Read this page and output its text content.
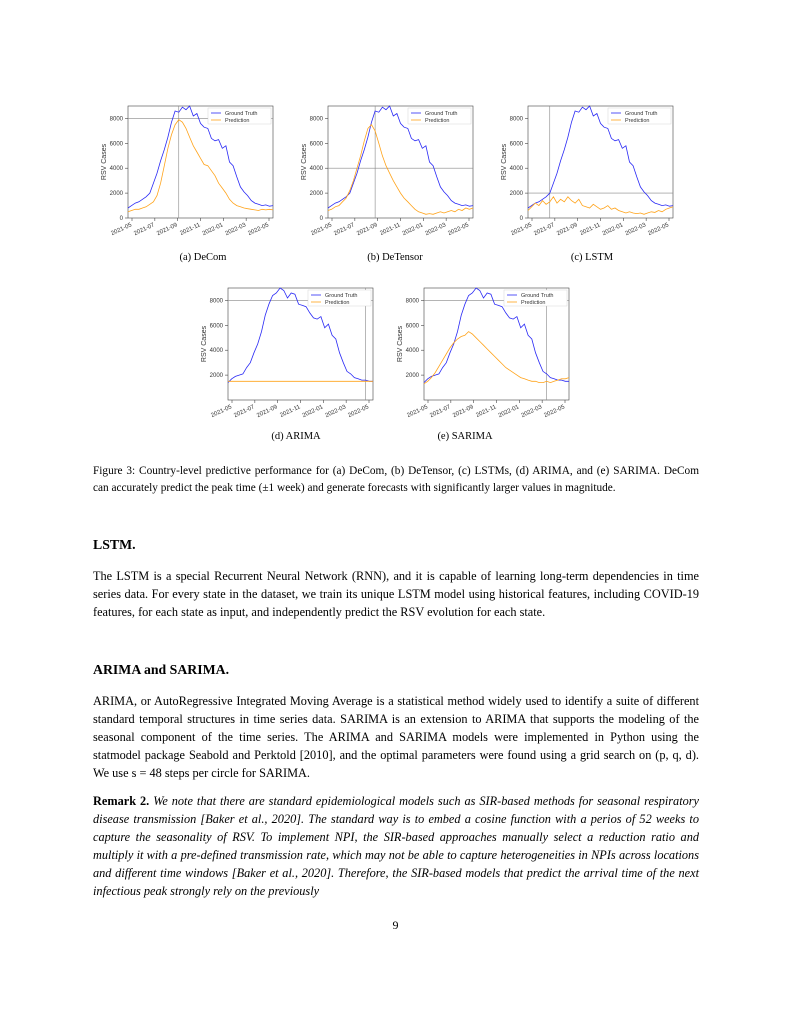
0
2000
4000
6000
8000
2021-05 2021-07 2021-09 2021-11 2022-01 2022-03 2022-05
RSV Cases
Ground Truth
Prediction
(a) DeCom
0
2000
4000
6000
8000
2021-05 2021-07 2021-09 2021-11 2022-01 2022-03 2022-05
RSV Cases
Ground Truth
Prediction
(b) DeTensor
0
2000
4000
6000
8000
2021-05 2021-07 2021-09 2021-11 2022-01 2022-03 2022-05
RSV Cases
Ground Truth
Prediction
(c) LSTM
2000
4000
6000
8000
2021-05 2021-07 2021-09 2021-11 2022-01 2022-03 2022-05
RSV Cases
Ground Truth
Prediction
(d) ARIMA
2000
4000
6000
8000
2021-05 2021-07 2021-09 2021-11 2022-01 2022-03 2022-05
RSV Cases
Ground Truth
Prediction
(e) SARIMA
Figure 3: Country-level predictive performance for (a) DeCom, (b) DeTensor, (c) LSTMs, (d) ARIMA, and (e) SARIMA. DeCom can accurately predict the peak time (±1 week) and generate forecasts with significantly larger values in magnitude.
LSTM.
The LSTM is a special Recurrent Neural Network (RNN), and it is capable of learning long-term dependencies in time series data. For every state in the dataset, we train its unique LSTM model using historical features, including COVID-19 features, for each state as input, and independently predict the RSV evolution for each state.
ARIMA and SARIMA.
ARIMA, or AutoRegressive Integrated Moving Average is a statistical method widely used to identify a suite of different standard temporal structures in time series data. SARIMA is an extension to ARIMA that supports the modeling of the seasonal component of the time series. The ARIMA and SARIMA models were implemented in Python using the statmodel package Seabold and Perktold [2010], and the optimal parameters were found using a grid search on (p, q, d). We use s = 48 steps per circle for SARIMA.
Remark 2. We note that there are standard epidemiological models such as SIR-based methods for seasonal respiratory disease transmission [Baker et al., 2020]. The standard way is to embed a cosine function with a perios of 52 weeks to capture the seasonality of RSV. To implement NPI, the SIR-based approaches manually select a reduction ratio and multiply it with a pre-defined transmission rate, which may not be able to capture heterogeneities in NPIs across locations and different time windows [Baker et al., 2020]. Therefore, the SIR-based models that predict the arrival time of the next infectious peak strongly rely on the previously
9
